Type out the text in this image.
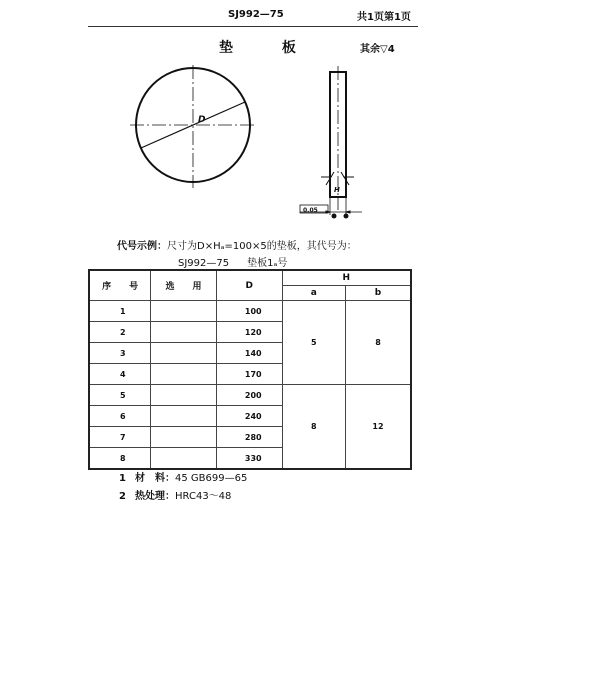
SJ992—75	共1页第1页
垫 板	其余▽4
D
H
0.05
代号示例：尺寸为D×Hₐ=100×5的垫板，其代号为：
SJ992—75 垫板1ₐ号
序　　号	选　　用	D	H	
			a	b
1		100	5	8
2		120		
3		140		
4		170		
5		200	8	12
6		240		
7		280		
8		330		
1 材　料：45 GB699—65
2 热处理：HRC43～48
